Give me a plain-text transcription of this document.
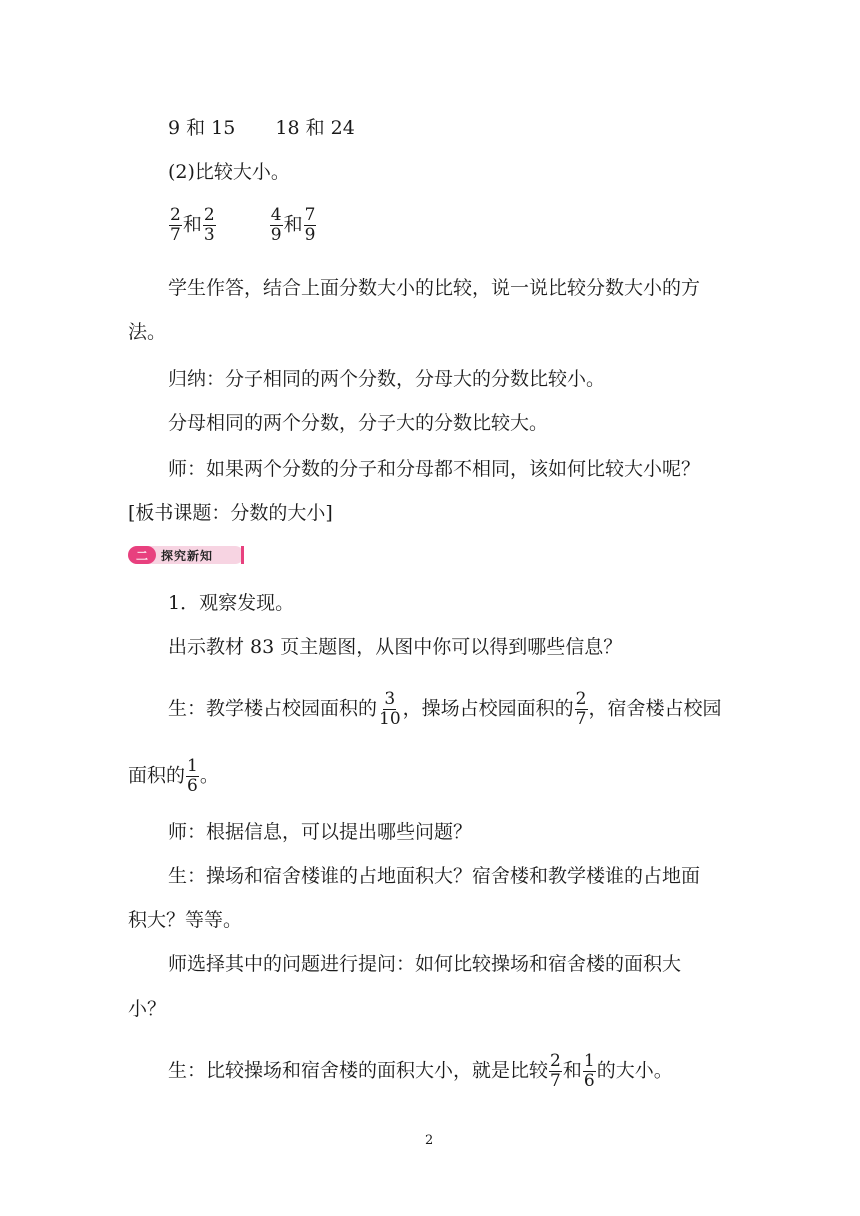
9 和 15 18 和 24
(2)比较大小。
$\frac{2}{7}$ 和 $\frac{2}{3}$
	$\frac{4}{9}$ 和 $\frac{7}{9}$
学生作答，结合上面分数大小的比较，说一说比较分数大小的方
法。
归纳：分子相同的两个分数，分母大的分数比较小。
分母相同的两个分数，分子大的分数比较大。
师：如果两个分数的分子和分母都不相同，该如何比较大小呢？
[板书课题：分数的大小]
二	探究新知
1．观察发现。
出示教材 83 页主题图，从图中你可以得到哪些信息？
生：教学楼占校园面积的 $\frac{3}{10}$ ，操场占校园面积的 $\frac{2}{7}$ ，宿舍楼占校园
面积的 $\frac{1}{6}$ 。
师：根据信息，可以提出哪些问题？
生：操场和宿舍楼谁的占地面积大？宿舍楼和教学楼谁的占地面
积大？等等。
师选择其中的问题进行提问：如何比较操场和宿舍楼的面积大
小？
生：比较操场和宿舍楼的面积大小，就是比较 $\frac{2}{7}$ 和 $\frac{1}{6}$ 的大小。
2
